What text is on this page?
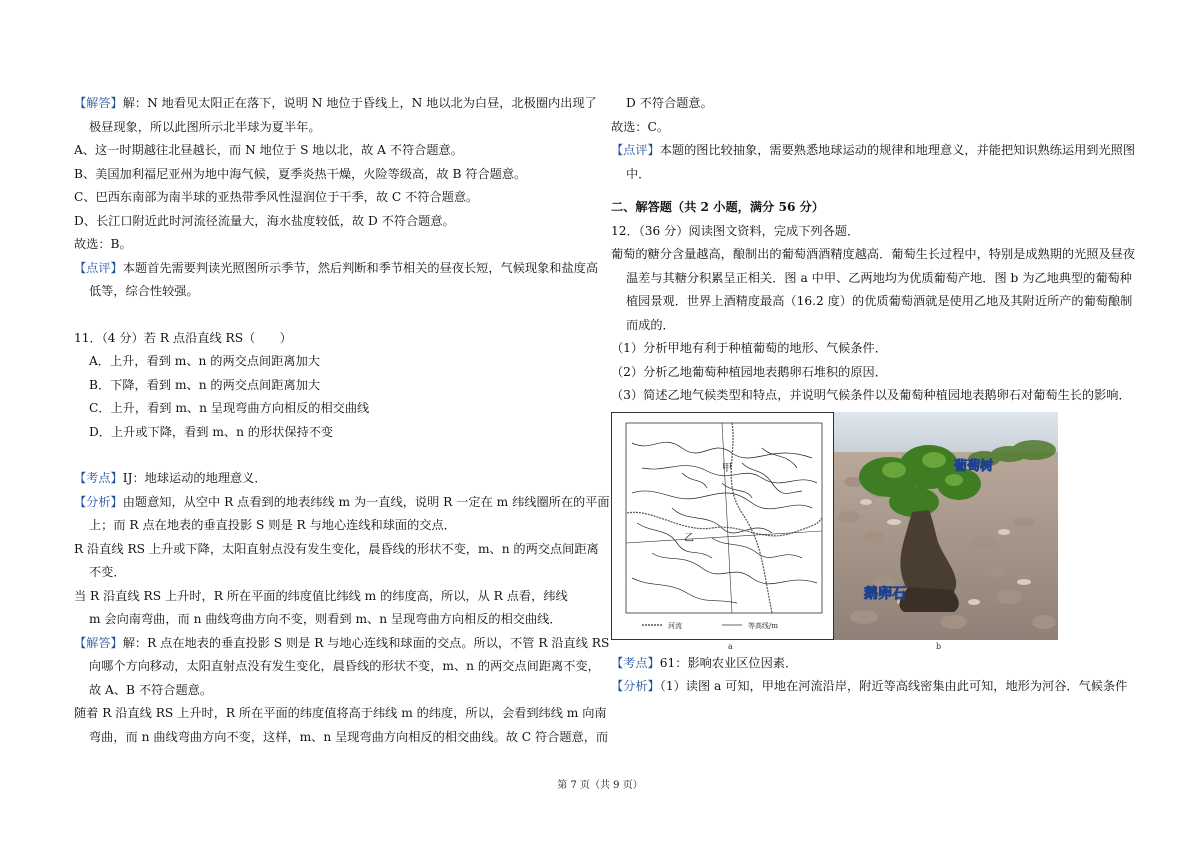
【解答】解：N 地看见太阳正在落下，说明 N 地位于昏线上，N 地以北为白昼，北极圈内出现了
极昼现象，所以此图所示北半球为夏半年。
A、这一时期越往北昼越长，而 N 地位于 S 地以北，故 A 不符合题意。
B、美国加利福尼亚州为地中海气候，夏季炎热干燥，火险等级高，故 B 符合题意。
C、巴西东南部为南半球的亚热带季风性湿润位于干季，故 C 不符合题意。
D、长江口附近此时河流径流量大，海水盐度较低，故 D 不符合题意。
故选：B。
【点评】本题首先需要判读光照图所示季节，然后判断和季节相关的昼夜长短，气候现象和盐度高
低等，综合性较强。
11．（4 分）若 R 点沿直线 RS（　　）
A．上升，看到 m、n 的两交点间距离加大
B．下降，看到 m、n 的两交点间距离加大
C．上升，看到 m、n 呈现弯曲方向相反的相交曲线
D．上升或下降，看到 m、n 的形状保持不变
【考点】IJ：地球运动的地理意义．
【分析】由题意知，从空中 R 点看到的地表纬线 m 为一直线，说明 R 一定在 m 纬线圈所在的平面
上；而 R 点在地表的垂直投影 S 则是 R 与地心连线和球面的交点．
R 沿直线 RS 上升或下降，太阳直射点没有发生变化，晨昏线的形状不变，m、n 的两交点间距离
不变．
当 R 沿直线 RS 上升时，R 所在平面的纬度值比纬线 m 的纬度高，所以，从 R 点看，纬线
m 会向南弯曲，而 n 曲线弯曲方向不变，则看到 m、n 呈现弯曲方向相反的相交曲线．
【解答】解：R 点在地表的垂直投影 S 则是 R 与地心连线和球面的交点。所以，不管 R 沿直线 RS
向哪个方向移动，太阳直射点没有发生变化，晨昏线的形状不变，m、n 的两交点间距离不变，
故 A、B 不符合题意。
随着 R 沿直线 RS 上升时，R 所在平面的纬度值将高于纬线 m 的纬度，所以，会看到纬线 m 向南
弯曲，而 n 曲线弯曲方向不变，这样，m、n 呈现弯曲方向相反的相交曲线。故 C 符合题意，而
D 不符合题意。
故选：C。
【点评】本题的图比较抽象，需要熟悉地球运动的规律和地理意义，并能把知识熟练运用到光照图
中．
二、解答题（共 2 小题，满分 56 分）
12．（36 分）阅读图文资料，完成下列各题．
葡萄的糖分含量越高，酿制出的葡萄酒酒精度越高．葡萄生长过程中，特别是成熟期的光照及昼夜
温差与其糖分积累呈正相关．图 a 中甲、乙两地均为优质葡萄产地．图 b 为乙地典型的葡萄种
植园景观．世界上酒精度最高（16.2 度）的优质葡萄酒就是使用乙地及其附近所产的葡萄酿制
而成的．
（1）分析甲地有利于种植葡萄的地形、气候条件．
（2）分析乙地葡萄种植园地表鹅卵石堆积的原因．
（3）简述乙地气候类型和特点，并说明气候条件以及葡萄种植园地表鹅卵石对葡萄生长的影响．
甲
乙
河流	等高线/m
a
葡萄树
鹅卵石
b
【考点】61：影响农业区位因素．
【分析】（1）读图 a 可知，甲地在河流沿岸，附近等高线密集由此可知，地形为河谷．气候条件
第 7 页（共 9 页）
